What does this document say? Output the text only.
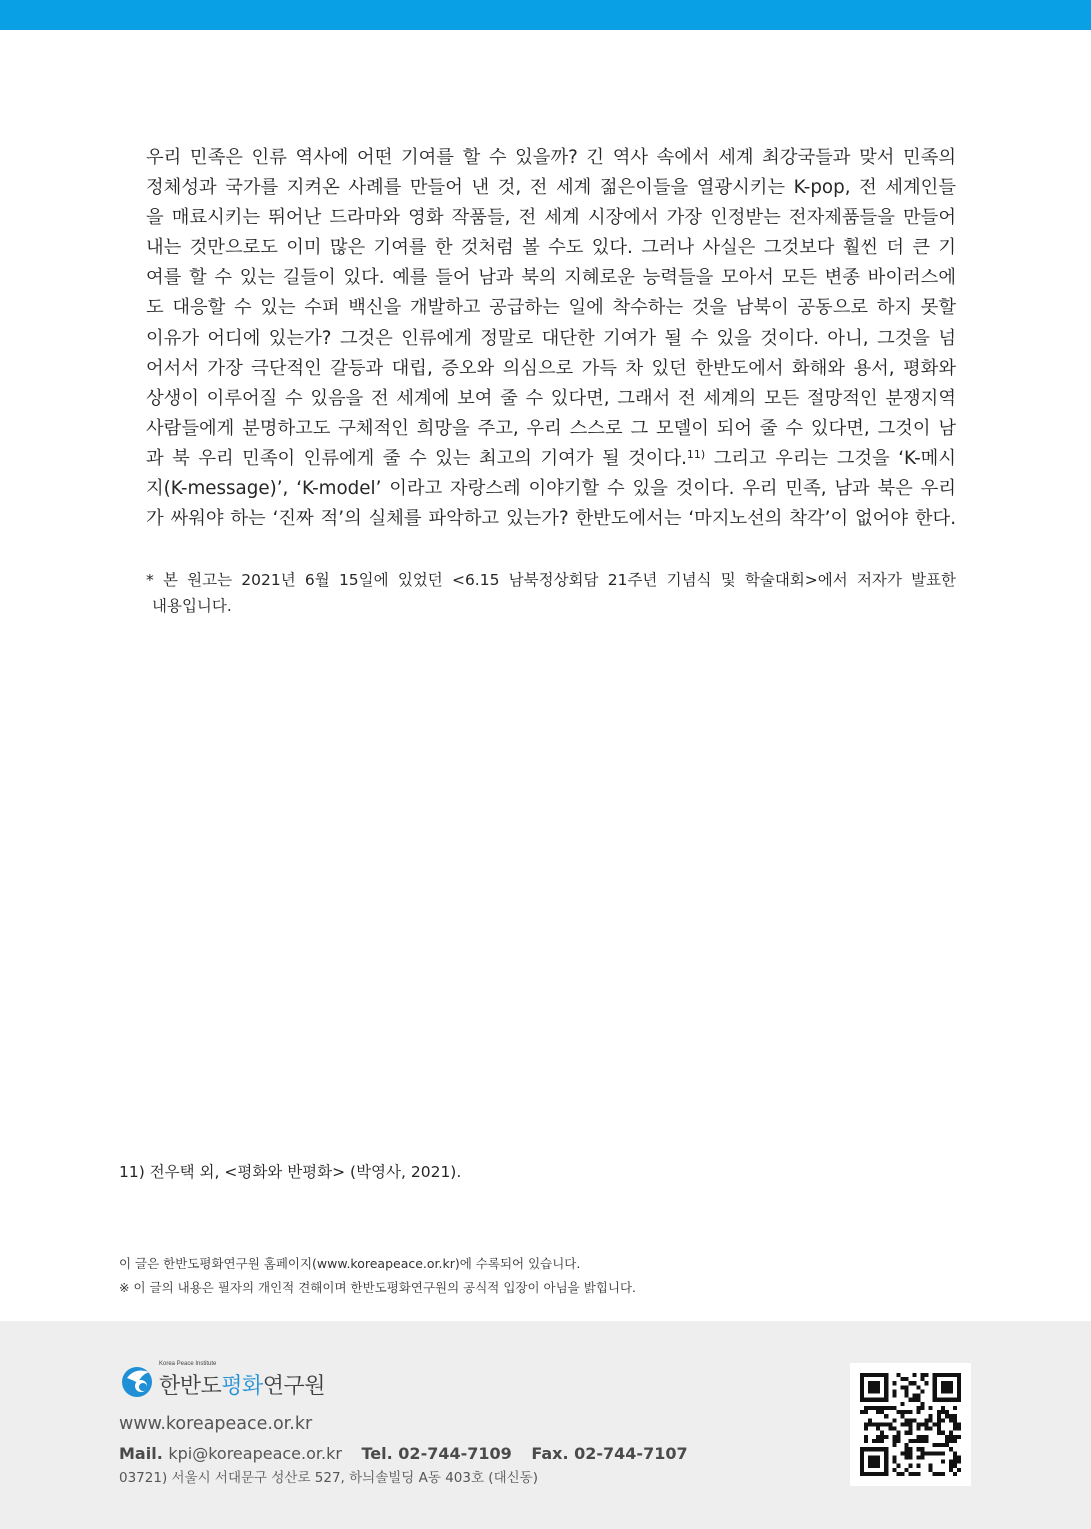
우리 민족은 인류 역사에 어떤 기여를 할 수 있을까? 긴 역사 속에서 세계 최강국들과 맞서 민족의
정체성과 국가를 지켜온 사례를 만들어 낸 것, 전 세계 젊은이들을 열광시키는 K-pop, 전 세계인들
을 매료시키는 뛰어난 드라마와 영화 작품들, 전 세계 시장에서 가장 인정받는 전자제품들을 만들어
내는 것만으로도 이미 많은 기여를 한 것처럼 볼 수도 있다. 그러나 사실은 그것보다 훨씬 더 큰 기
여를 할 수 있는 길들이 있다. 예를 들어 남과 북의 지혜로운 능력들을 모아서 모든 변종 바이러스에
도 대응할 수 있는 수퍼 백신을 개발하고 공급하는 일에 착수하는 것을 남북이 공동으로 하지 못할
이유가 어디에 있는가? 그것은 인류에게 정말로 대단한 기여가 될 수 있을 것이다. 아니, 그것을 넘
어서서 가장 극단적인 갈등과 대립, 증오와 의심으로 가득 차 있던 한반도에서 화해와 용서, 평화와
상생이 이루어질 수 있음을 전 세계에 보여 줄 수 있다면, 그래서 전 세계의 모든 절망적인 분쟁지역
사람들에게 분명하고도 구체적인 희망을 주고, 우리 스스로 그 모델이 되어 줄 수 있다면, 그것이 남
과 북 우리 민족이 인류에게 줄 수 있는 최고의 기여가 될 것이다.$^{11)}$ 그리고 우리는 그것을 ‘K-메시
지(K-message)’, ‘K-model’ 이라고 자랑스레 이야기할 수 있을 것이다. 우리 민족, 남과 북은 우리
가 싸워야 하는 ‘진짜 적’의 실체를 파악하고 있는가? 한반도에서는 ‘마지노선의 착각’이 없어야 한다.
* 본 원고는 2021년 6월 15일에 있었던 <6.15 남북정상회담 21주년 기념식 및 학술대회>에서 저자가 발표한
내용입니다.
11) 전우택 외, <평화와 반평화> (박영사, 2021).
이 글은 한반도평화연구원 홈페이지(www.koreapeace.or.kr)에 수록되어 있습니다.
※ 이 글의 내용은 필자의 개인적 견해이며 한반도평화연구원의 공식적 입장이 아님을 밝힙니다.
Korea Peace Institute
한반도평화연구원
www.koreapeace.or.kr
Mail. kpi@koreapeace.or.kr Tel. 02-744-7109 Fax. 02-744-7107
03721) 서울시 서대문구 성산로 527, 하늬솔빌딩 A동 403호 (대신동)
